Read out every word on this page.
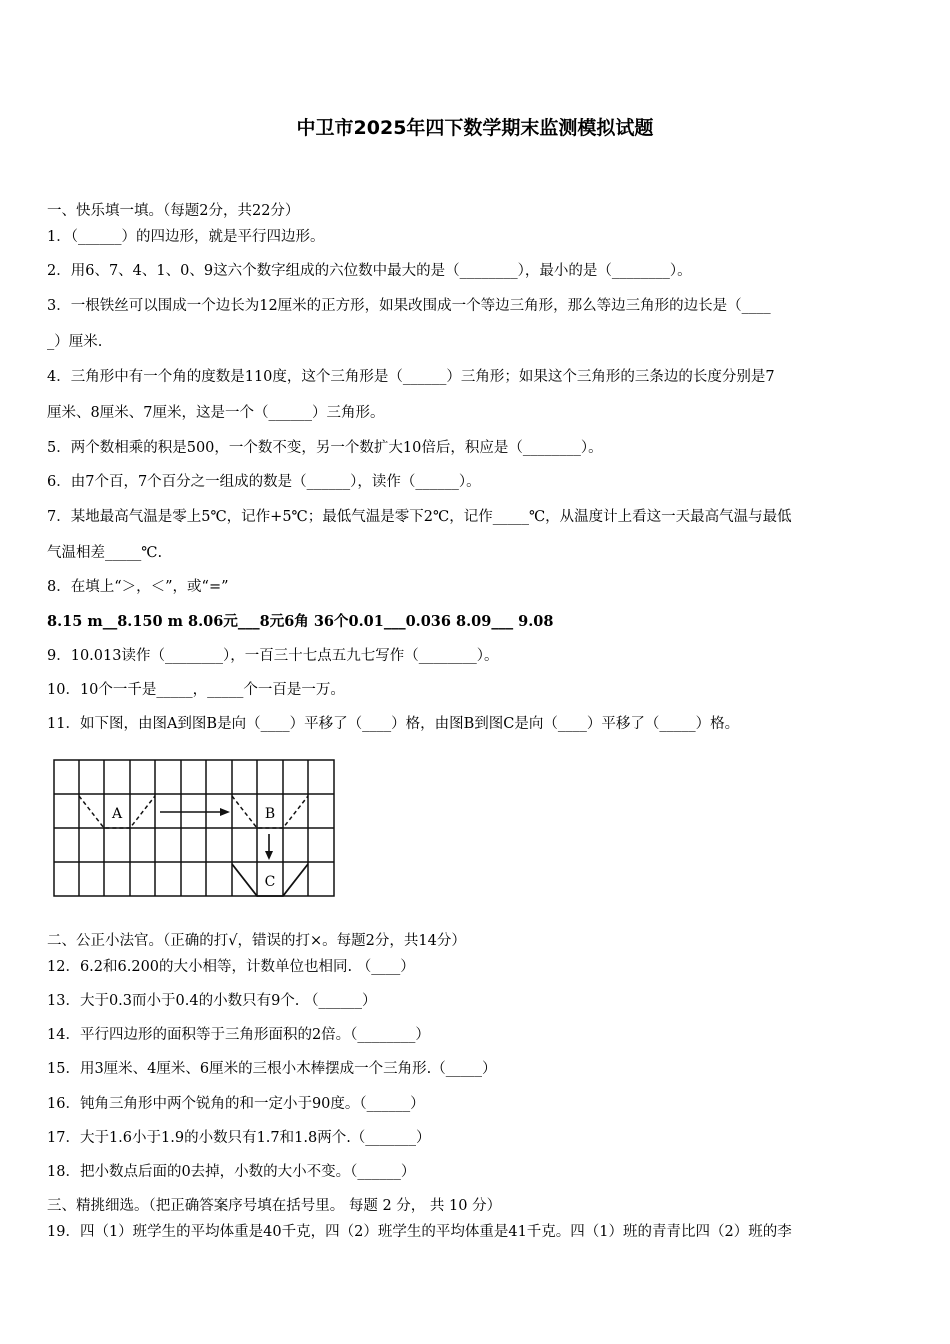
中卫市2025年四下数学期末监测模拟试题
一、快乐填一填。（每题2分，共22分）
1．（______）的四边形，就是平行四边形。
2．用6、7、4、1、0、9这六个数字组成的六位数中最大的是（________），最小的是（________）。
3．一根铁丝可以围成一个边长为12厘米的正方形，如果改围成一个等边三角形，那么等边三角形的边长是（____
_）厘米.
4．三角形中有一个角的度数是110度，这个三角形是（______）三角形；如果这个三角形的三条边的长度分别是7
厘米、8厘米、7厘米，这是一个（______）三角形。
5．两个数相乘的积是500，一个数不变，另一个数扩大10倍后，积应是（________）。
6．由7个百，7个百分之一组成的数是（______），读作（______）。
7．某地最高气温是零上5℃，记作+5℃；最低气温是零下2℃，记作_____℃，从温度计上看这一天最高气温与最低
气温相差_____℃.
8．在填上“＞，＜”，或“=”
8.15 m__8.150 m 8.06元___8元6角 36个0.01___0.036 8.09___ 9.08
9．10.013读作（________），一百三十七点五九七写作（________）。
10．10个一千是_____，_____个一百是一万。
11．如下图，由图A到图B是向（____）平移了（____）格，由图B到图C是向（____）平移了（_____）格。
A	B
C
二、公正小法官。（正确的打√，错误的打×。每题2分，共14分）
12．6.2和6.200的大小相等，计数单位也相同. （____）
13．大于0.3而小于0.4的小数只有9个. （______）
14．平行四边形的面积等于三角形面积的2倍。（________）
15．用3厘米、4厘米、6厘米的三根小木棒摆成一个三角形.（_____）
16．钝角三角形中两个锐角的和一定小于90度。（______）
17．大于1.6小于1.9的小数只有1.7和1.8两个.（_______）
18．把小数点后面的0去掉，小数的大小不变。（______）
三、精挑细选。（把正确答案序号填在括号里。 每题 2 分， 共 10 分）
19．四（1）班学生的平均体重是40千克，四（2）班学生的平均体重是41千克。四（1）班的青青比四（2）班的李
